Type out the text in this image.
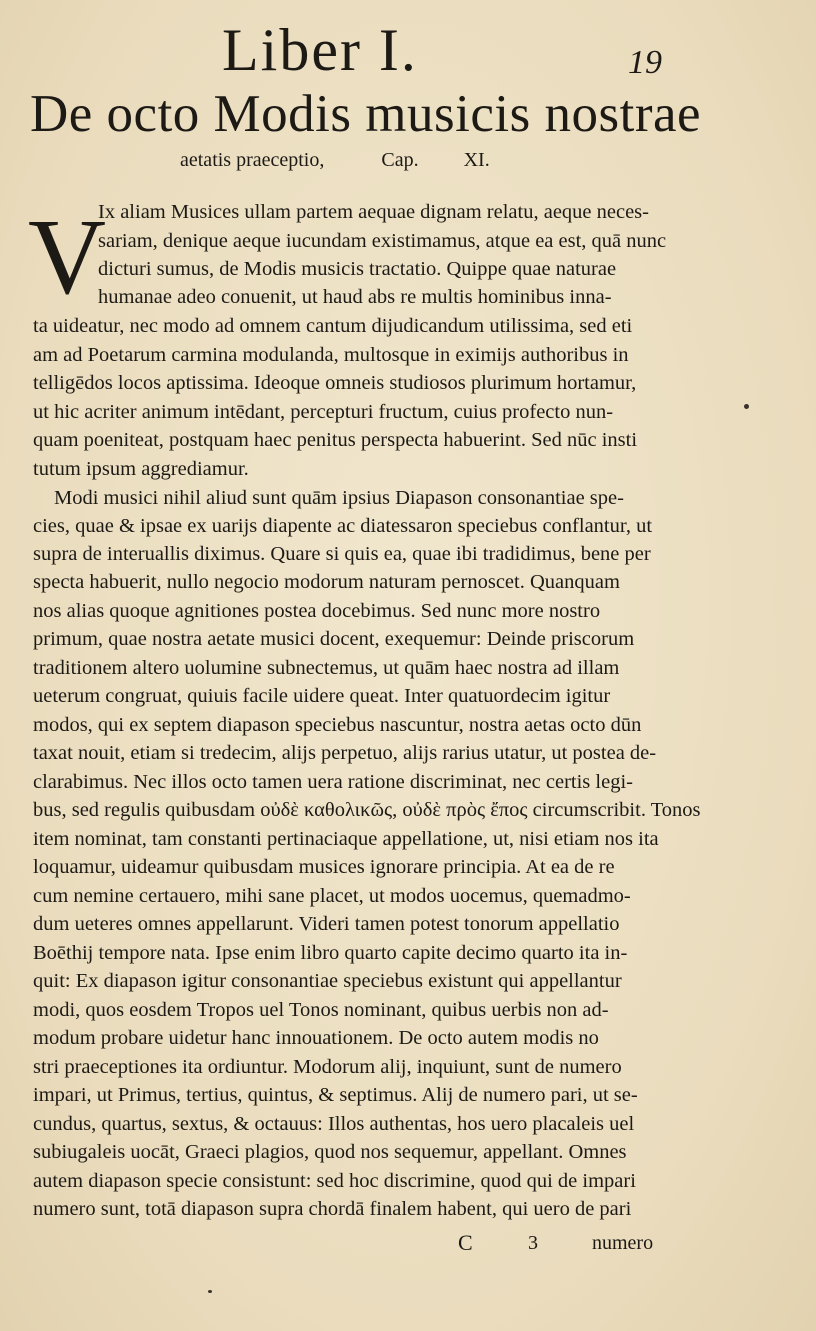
Liber I.	19
De octo Modis musicis nostrae
aetatis praeceptio,	Cap. XI.
V
Ix aliam Musices ullam partem aequae dignam relatu, aeque neces-
sariam, denique aeque iucundam existimamus, atque ea est, quā nunc
dicturi sumus, de Modis musicis tractatio. Quippe quae naturae
humanae adeo conuenit, ut haud abs re multis hominibus inna-
ta uideatur, nec modo ad omnem cantum dijudicandum utilissima, sed eti
am ad Poetarum carmina modulanda, multosque in eximijs authoribus in
telligēdos locos aptissima. Ideoque omneis studiosos plurimum hortamur,
ut hic acriter animum intēdant, percepturi fructum, cuius profecto nun-
quam poeniteat, postquam haec penitus perspecta habuerint. Sed nūc insti
tutum ipsum aggrediamur.
Modi musici nihil aliud sunt quām ipsius Diapason consonantiae spe-
cies, quae & ipsae ex uarijs diapente ac diatessaron speciebus conflantur, ut
supra de interuallis diximus. Quare si quis ea, quae ibi tradidimus, bene per
specta habuerit, nullo negocio modorum naturam pernoscet. Quanquam
nos alias quoque agnitiones postea docebimus. Sed nunc more nostro
primum, quae nostra aetate musici docent, exequemur: Deinde priscorum
traditionem altero uolumine subnectemus, ut quām haec nostra ad illam
ueterum congruat, quiuis facile uidere queat. Inter quatuordecim igitur
modos, qui ex septem diapason speciebus nascuntur, nostra aetas octo dūn
taxat nouit, etiam si tredecim, alijs perpetuo, alijs rarius utatur, ut postea de-
clarabimus. Nec illos octo tamen uera ratione discriminat, nec certis legi-
bus, sed regulis quibusdam οὐδὲ καθολικῶς, οὐδὲ πρὸς ἔπος circumscribit. Tonos
item nominat, tam constanti pertinaciaque appellatione, ut, nisi etiam nos ita
loquamur, uideamur quibusdam musices ignorare principia. At ea de re
cum nemine certauero, mihi sane placet, ut modos uocemus, quemadmo-
dum ueteres omnes appellarunt. Videri tamen potest tonorum appellatio
Boēthij tempore nata. Ipse enim libro quarto capite decimo quarto ita in-
quit: Ex diapason igitur consonantiae speciebus existunt qui appellantur
modi, quos eosdem Tropos uel Tonos nominant, quibus uerbis non ad-
modum probare uidetur hanc innouationem. De octo autem modis no
stri praeceptiones ita ordiuntur. Modorum alij, inquiunt, sunt de numero
impari, ut Primus, tertius, quintus, & septimus. Alij de numero pari, ut se-
cundus, quartus, sextus, & octauus: Illos authentas, hos uero placaleis uel
subiugaleis uocāt, Graeci plagios, quod nos sequemur, appellant. Omnes
autem diapason specie consistunt: sed hoc discrimine, quod qui de impari
numero sunt, totā diapason supra chordā finalem habent, qui uero de pari
C	3	numero
